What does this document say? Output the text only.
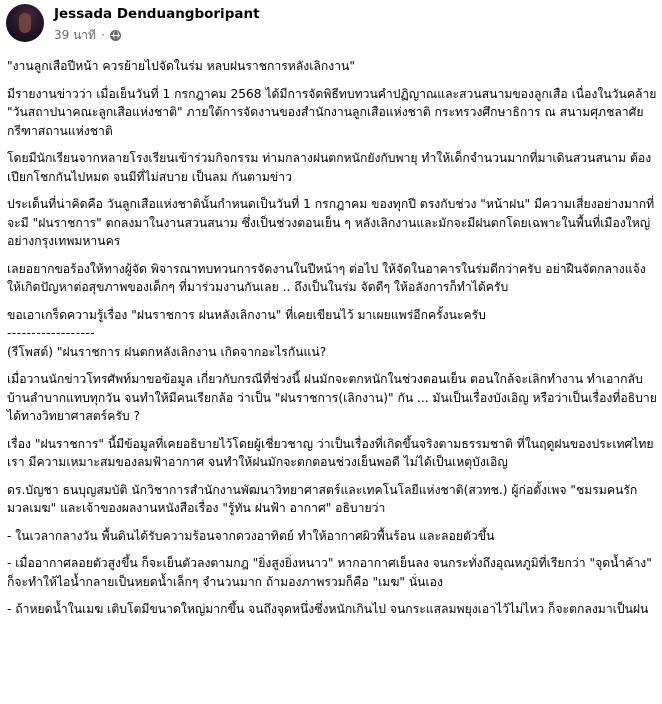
Jessada Denduangboripant
39 นาที ·

"งานลูกเสือปีหน้า ควรย้ายไปจัดในร่ม หลบฝนราชการหลังเลิกงาน"

มีรายงานข่าวว่า เมื่อเย็นวันที่ 1 กรกฎาคม 2568 ได้มีการจัดพิธีทบทวนคำปฏิญาณและสวนสนามของลูกเสือ เนื่องในวันคล้าย "วันสถาปนาคณะลูกเสือแห่งชาติ" ภายใต้การจัดงานของสำนักงานลูกเสือแห่งชาติ กระทรวงศึกษาธิการ ณ สนามศุภชลาศัยกรีฑาสถานแห่งชาติ

โดยมีนักเรียนจากหลายโรงเรียนเข้าร่วมกิจกรรม ท่ามกลางฝนตกหนักยังกับพายุ ทำให้เด็กจำนวนมากที่มาเดินสวนสนาม ต้องเปียกโชกกันไปหมด จนมีที่ไม่สบาย เป็นลม กันตามข่าว

ประเด็นที่น่าคิดคือ วันลูกเสือแห่งชาตินั้นกำหนดเป็นวันที่ 1 กรกฎาคม ของทุกปี ตรงกับช่วง "หน้าฝน" มีความเสี่ยงอย่างมากที่จะมี "ฝนราชการ" ตกลงมาในงานสวนสนาม ซึ่งเป็นช่วงตอนเย็น ๆ หลังเลิกงานและมักจะมีฝนตกโดยเฉพาะในพื้นที่เมืองใหญ่ อย่างกรุงเทพมหานคร

เลยอยากขอร้องให้ทางผู้จัด พิจารณาทบทวนการจัดงานในปีหน้าๆ ต่อไป ให้จัดในอาคารในร่มดีกว่าครับ อย่าฝืนจัดกลางแจ้งให้เกิดปัญหาต่อสุขภาพของเด็กๆ ที่มาร่วมงานกันเลย .. ถึงเป็นในร่ม จัดดีๆ ให้อลังการก็ทำได้ครับ

ขอเอาเกร็ดความรู้เรื่อง "ฝนราชการ ฝนหลังเลิกงาน" ที่เคยเขียนไว้ มาเผยแพร่อีกครั้งนะครับ

------------------

(รีโพสต์) "ฝนราชการ ฝนตกหลังเลิกงาน เกิดจากอะไรกันแน่?

เมื่อวานนักข่าวโทรศัพท์มาขอข้อมูล เกี่ยวกับกรณีที่ช่วงนี้ ฝนมักจะตกหนักในช่วงตอนเย็น ตอนใกล้จะเลิกทำงาน ทำเอากลับบ้านลำบากแทบทุกวัน จนทำให้มีคนเรียกล้อ ว่าเป็น "ฝนราชการ(เลิกงาน)" กัน ... มันเป็นเรื่องบังเอิญ หรือว่าเป็นเรื่องที่อธิบายได้ทางวิทยาศาสตร์ครับ ?

เรื่อง "ฝนราชการ" นี้มีข้อมูลที่เคยอธิบายไว้โดยผู้เชี่ยวชาญ ว่าเป็นเรื่องที่เกิดขึ้นจริงตามธรรมชาติ ที่ในฤดูฝนของประเทศไทยเรา มีความเหมาะสมของลมฟ้าอากาศ จนทำให้ฝนมักจะตกตอนช่วงเย็นพอดี ไม่ได้เป็นเหตุบังเอิญ

ดร.บัญชา ธนบุญสมบัติ นักวิชาการสำนักงานพัฒนาวิทยาศาสตร์และเทคโนโลยีแห่งชาติ(สวทช.) ผู้ก่อตั้งเพจ "ชมรมคนรักมวลเมฆ" และเจ้าของผลงานหนังสือเรื่อง "รู้ทัน ฝนฟ้า อากาศ" อธิบายว่า

- ในเวลากลางวัน พื้นดินได้รับความร้อนจากดวงอาทิตย์ ทำให้อากาศผิวพื้นร้อน และลอยตัวขึ้น

- เมื่ออากาศลอยตัวสูงขึ้น ก็จะเย็นตัวลงตามกฎ "ยิ่งสูงยิ่งหนาว" หากอากาศเย็นลง จนกระทั่งถึงอุณหภูมิที่เรียกว่า "จุดน้ำค้าง" ก็จะทำให้ไอน้ำกลายเป็นหยดน้ำเล็กๆ จำนวนมาก ถ้ามองภาพรวมก็คือ "เมฆ" นั่นเอง

- ถ้าหยดน้ำในเมฆ เติบโตมีขนาดใหญ่มากขึ้น จนถึงจุดหนึ่งซึ่งหนักเกินไป จนกระแสลมพยุงเอาไว้ไม่ไหว ก็จะตกลงมาเป็นฝน
